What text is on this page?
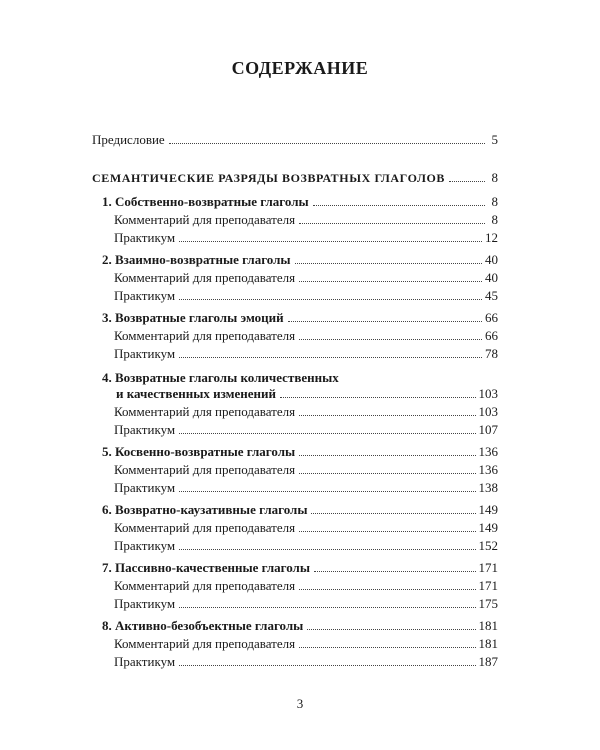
СОДЕРЖАНИЕ
Предисловие	5
СЕМАНТИЧЕСКИЕ РАЗРЯДЫ ВОЗВРАТНЫХ ГЛАГОЛОВ	8
1. Собственно-возвратные глаголы	8
Комментарий для преподавателя	8
Практикум	12
2. Взаимно-возвратные глаголы	40
Комментарий для преподавателя	40
Практикум	45
3. Возвратные глаголы эмоций	66
Комментарий для преподавателя	66
Практикум	78
4. Возвратные глаголы количественных
и качественных изменений	103
Комментарий для преподавателя	103
Практикум	107
5. Косвенно-возвратные глаголы	136
Комментарий для преподавателя	136
Практикум	138
6. Возвратно-каузативные глаголы	149
Комментарий для преподавателя	149
Практикум	152
7. Пассивно-качественные глаголы	171
Комментарий для преподавателя	171
Практикум	175
8. Активно-безобъектные глаголы	181
Комментарий для преподавателя	181
Практикум	187
3
